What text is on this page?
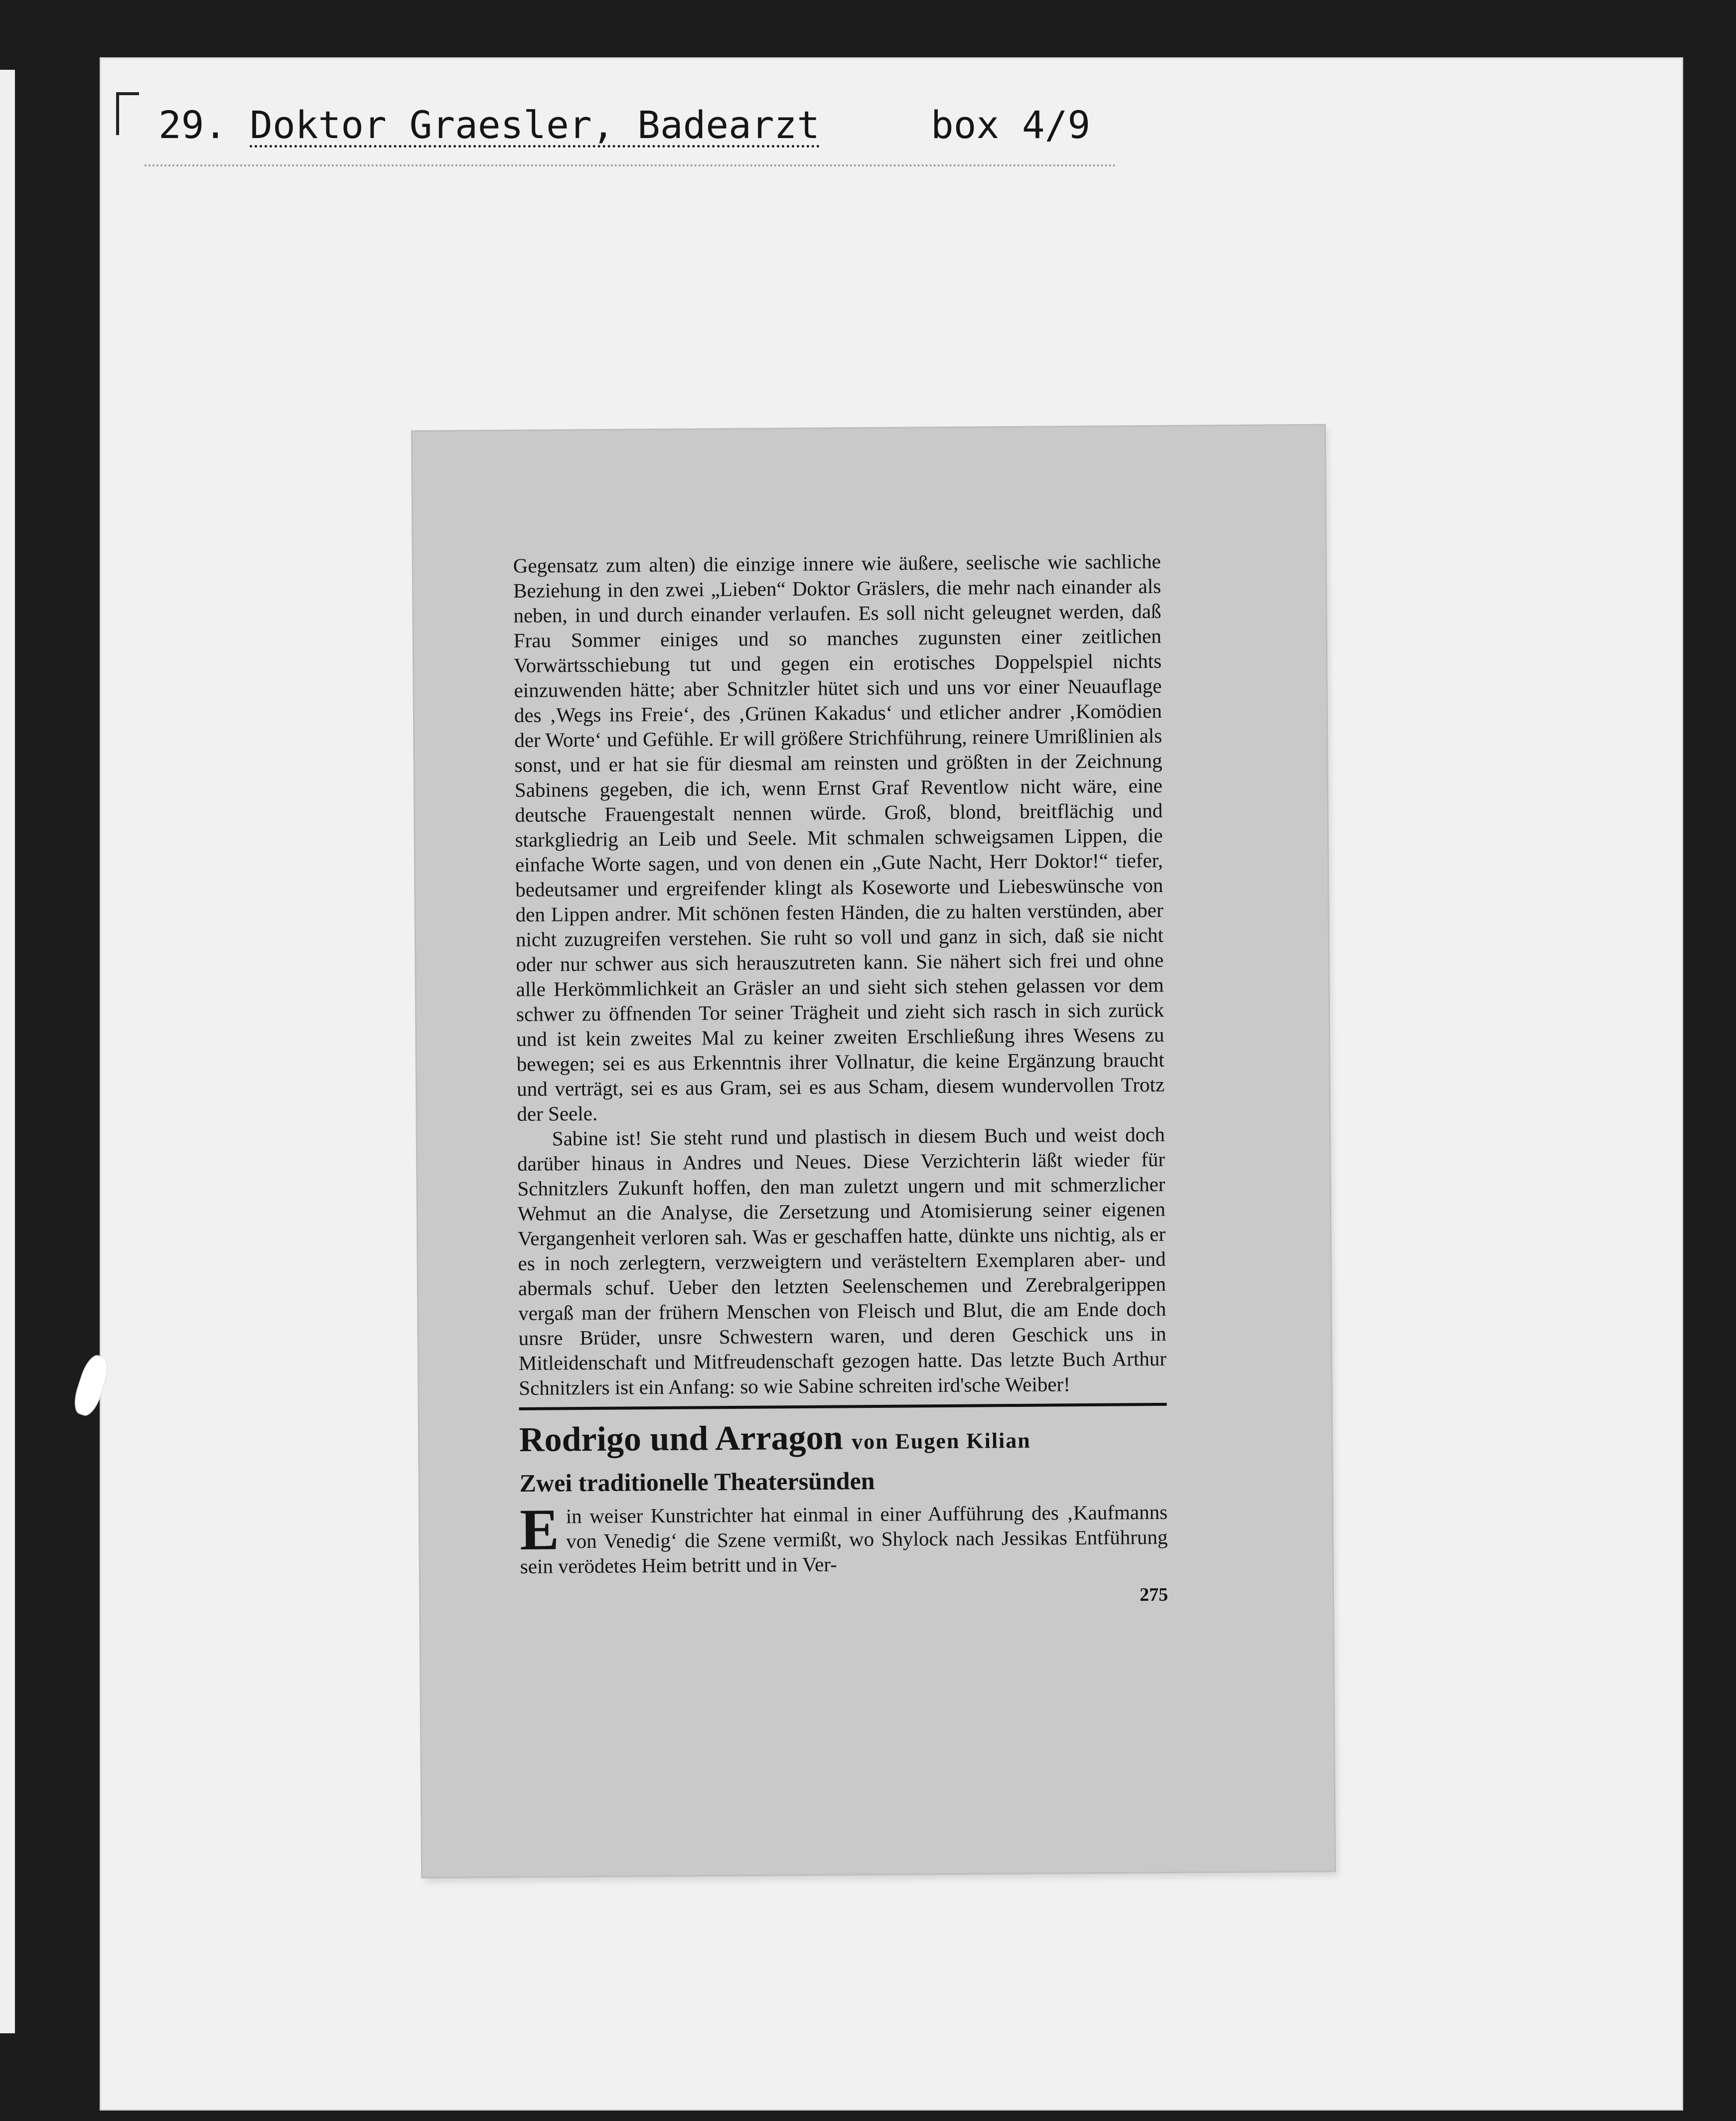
29. Doktor Graesler, Badearzt	box 4/9

Gegensatz zum alten) die einzige innere wie äußere, seelische wie sachliche Beziehung in den zwei „Lieben“ Doktor Gräslers, die mehr nach einander als neben, in und durch einander verlaufen. Es soll nicht geleugnet werden, daß Frau Sommer einiges und so manches zugunsten einer zeitlichen Vorwärtsschiebung tut und gegen ein erotisches Doppelspiel nichts einzuwenden hätte; aber Schnitzler hütet sich und uns vor einer Neuauflage des ‚Wegs ins Freie‘, des ‚Grünen Kakadus‘ und etlicher andrer ‚Komödien der Worte‘ und Gefühle. Er will größere Strichführung, reinere Umrißlinien als sonst, und er hat sie für diesmal am reinsten und größten in der Zeichnung Sabinens gegeben, die ich, wenn Ernst Graf Reventlow nicht wäre, eine deutsche Frauengestalt nennen würde. Groß, blond, breitflächig und starkgliedrig an Leib und Seele. Mit schmalen schweigsamen Lippen, die einfache Worte sagen, und von denen ein „Gute Nacht, Herr Doktor!“ tiefer, bedeutsamer und ergreifender klingt als Koseworte und Liebeswünsche von den Lippen andrer. Mit schönen festen Händen, die zu halten verstünden, aber nicht zuzugreifen verstehen. Sie ruht so voll und ganz in sich, daß sie nicht oder nur schwer aus sich herauszutreten kann. Sie nähert sich frei und ohne alle Herkömmlichkeit an Gräsler an und sieht sich stehen gelassen vor dem schwer zu öffnenden Tor seiner Trägheit und zieht sich rasch in sich zurück und ist kein zweites Mal zu keiner zweiten Erschließung ihres Wesens zu bewegen; sei es aus Erkenntnis ihrer Vollnatur, die keine Ergänzung braucht und verträgt, sei es aus Gram, sei es aus Scham, diesem wundervollen Trotz der Seele.

Sabine ist! Sie steht rund und plastisch in diesem Buch und weist doch darüber hinaus in Andres und Neues. Diese Verzichterin läßt wieder für Schnitzlers Zukunft hoffen, den man zuletzt ungern und mit schmerzlicher Wehmut an die Analyse, die Zersetzung und Atomisierung seiner eigenen Vergangenheit verloren sah. Was er geschaffen hatte, dünkte uns nichtig, als er es in noch zerlegtern, verzweigtern und verästeltern Exemplaren aber- und abermals schuf. Ueber den letzten Seelenschemen und Zerebralgerippen vergaß man der frühern Menschen von Fleisch und Blut, die am Ende doch unsre Brüder, unsre Schwestern waren, und deren Geschick uns in Mitleidenschaft und Mitfreudenschaft gezogen hatte. Das letzte Buch Arthur Schnitzlers ist ein Anfang: so wie Sabine schreiten ird'sche Weiber!

Rodrigo und Arragon von Eugen Kilian
Zwei traditionelle Theatersünden

E in weiser Kunstrichter hat einmal in einer Aufführung des ‚Kaufmanns von Venedig‘ die Szene vermißt, wo Shylock nach Jessikas Entführung sein verödetes Heim betritt und in Ver-

275
